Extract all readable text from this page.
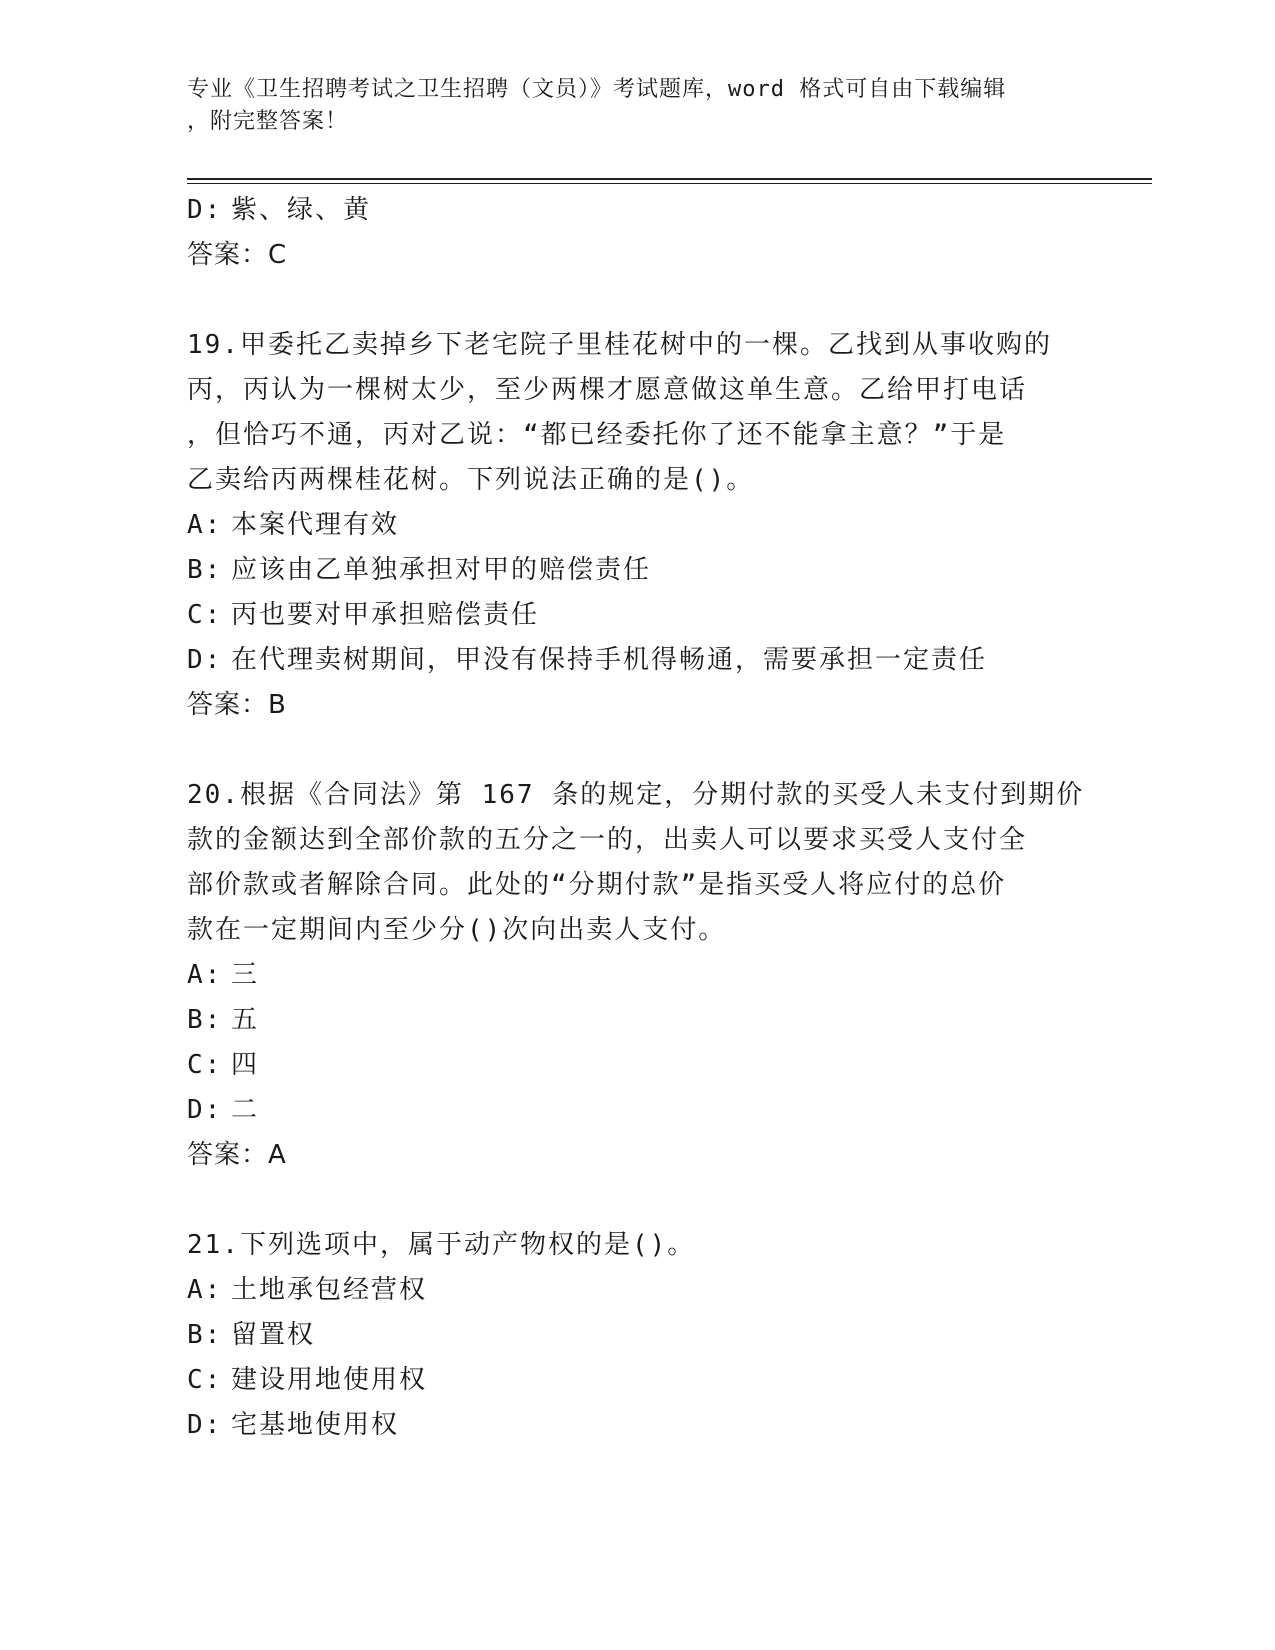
专业《卫生招聘考试之卫生招聘（文员）》考试题库，word 格式可自由下载编辑
，附完整答案！
D: 紫、绿、黄
答案：C
19.甲委托乙卖掉乡下老宅院子里桂花树中的一棵。乙找到从事收购的
丙，丙认为一棵树太少，至少两棵才愿意做这单生意。乙给甲打电话
，但恰巧不通，丙对乙说：“都已经委托你了还不能拿主意？”于是
乙卖给丙两棵桂花树。下列说法正确的是()。
A: 本案代理有效
B: 应该由乙单独承担对甲的赔偿责任
C: 丙也要对甲承担赔偿责任
D: 在代理卖树期间，甲没有保持手机得畅通，需要承担一定责任
答案：B
20.根据《合同法》第 167 条的规定，分期付款的买受人未支付到期价
款的金额达到全部价款的五分之一的，出卖人可以要求买受人支付全
部价款或者解除合同。此处的“分期付款”是指买受人将应付的总价
款在一定期间内至少分()次向出卖人支付。
A: 三
B: 五
C: 四
D: 二
答案：A
21.下列选项中，属于动产物权的是()。
A: 土地承包经营权
B: 留置权
C: 建设用地使用权
D: 宅基地使用权
